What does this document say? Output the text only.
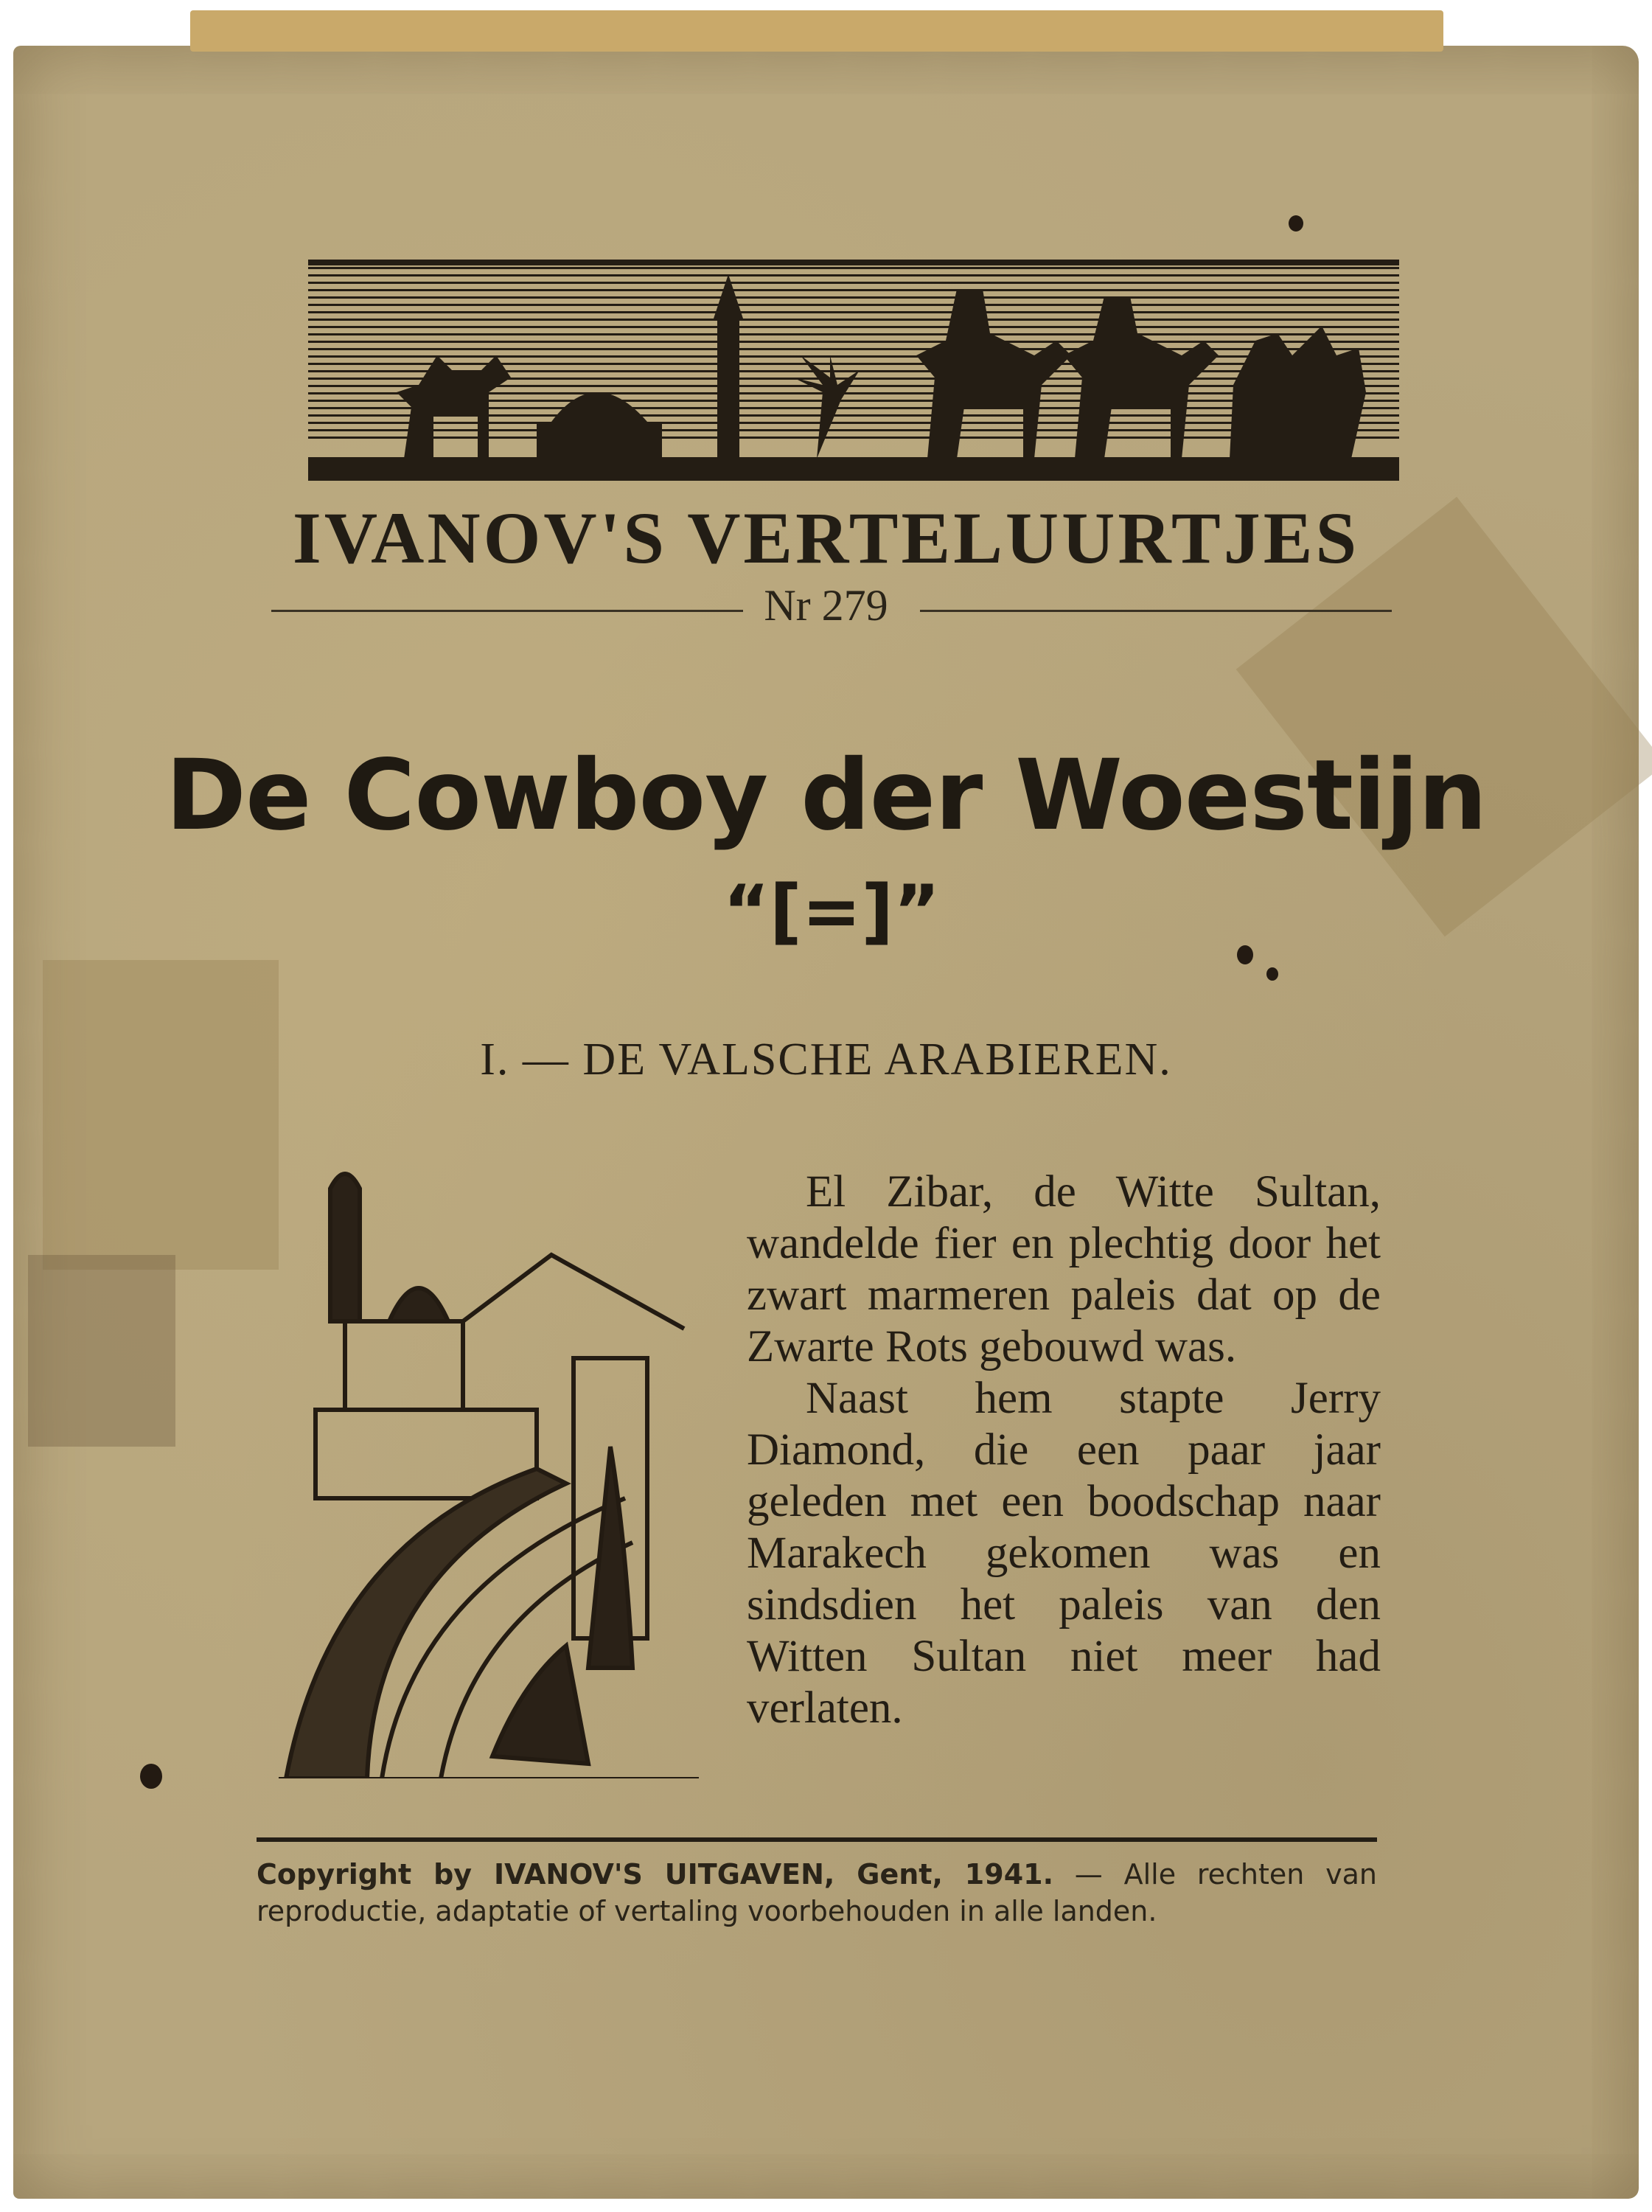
IVANOV'S VERTELUURTJES
Nr 279
De Cowboy der Woestijn
“[=]”
I. — DE VALSCHE ARABIEREN.

El Zibar, de Witte Sultan, wandelde fier en plechtig door het zwart marmeren paleis dat op de Zwarte Rots gebouwd was.

Naast hem stapte Jerry Diamond, die een paar jaar geleden met een boodschap naar Marakech gekomen was en sindsdien het paleis van den Witten Sultan niet meer had verlaten.

Copyright by IVANOV'S UITGAVEN, Gent, 1941. — Alle rechten van reproductie, adaptatie of vertaling voorbehouden in alle landen.
